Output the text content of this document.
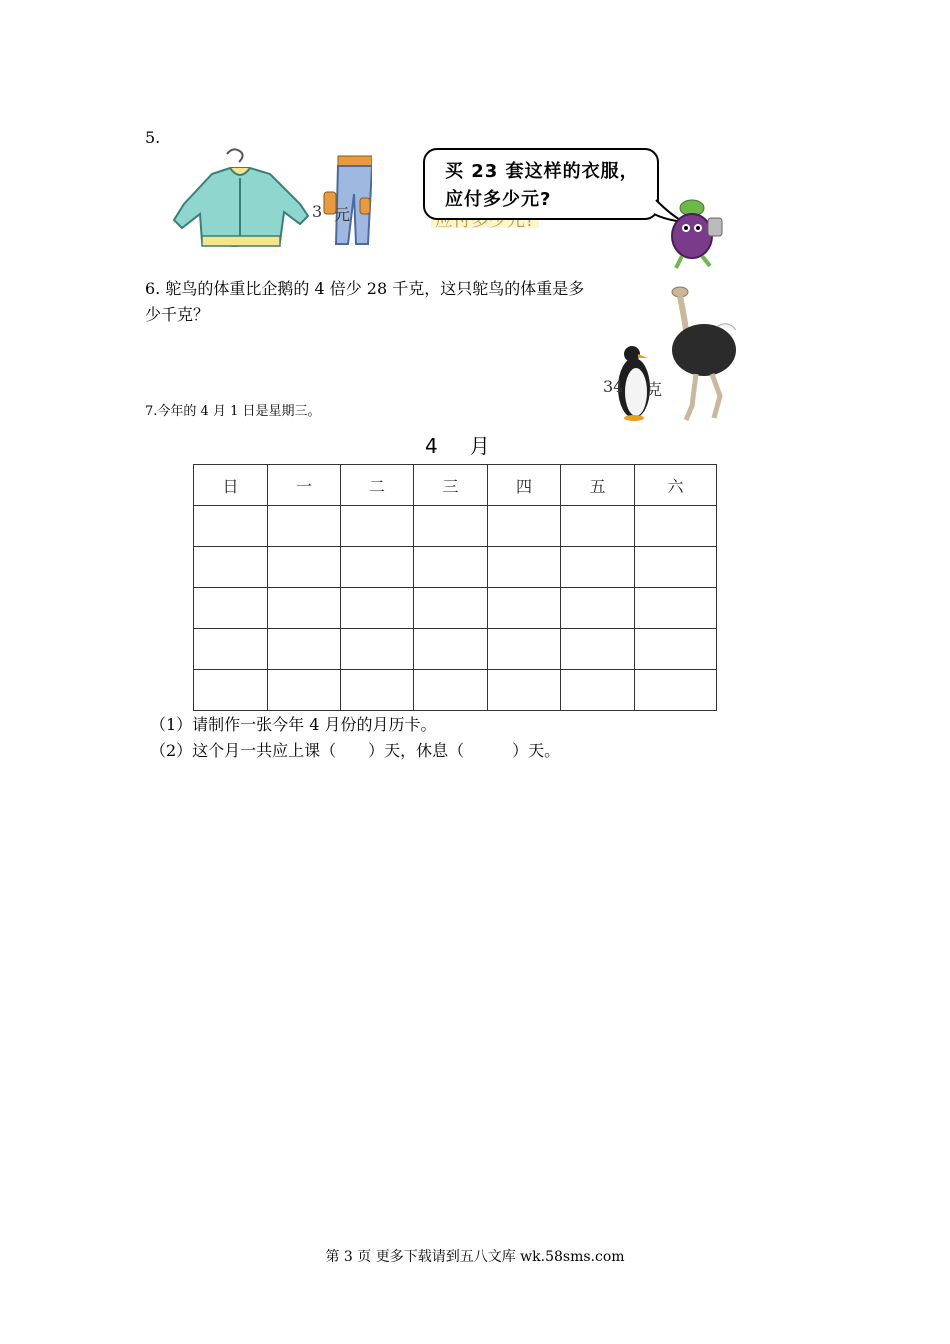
5.
3 元
买 23 套这样的衣服，
应付多少元?
6. 鸵鸟的体重比企鹅的 4 倍少 28 千克，这只鸵鸟的体重是多少千克？
34 克
7.今年的 4 月 1 日是星期三。
4　月
日	一	二	三	四	五	六

（1）请制作一张今年 4 月份的月历卡。
（2）这个月一共应上课（　　）天，休息（　　　）天。
第 3 页 更多下载请到五八文库 wk.58sms.com
